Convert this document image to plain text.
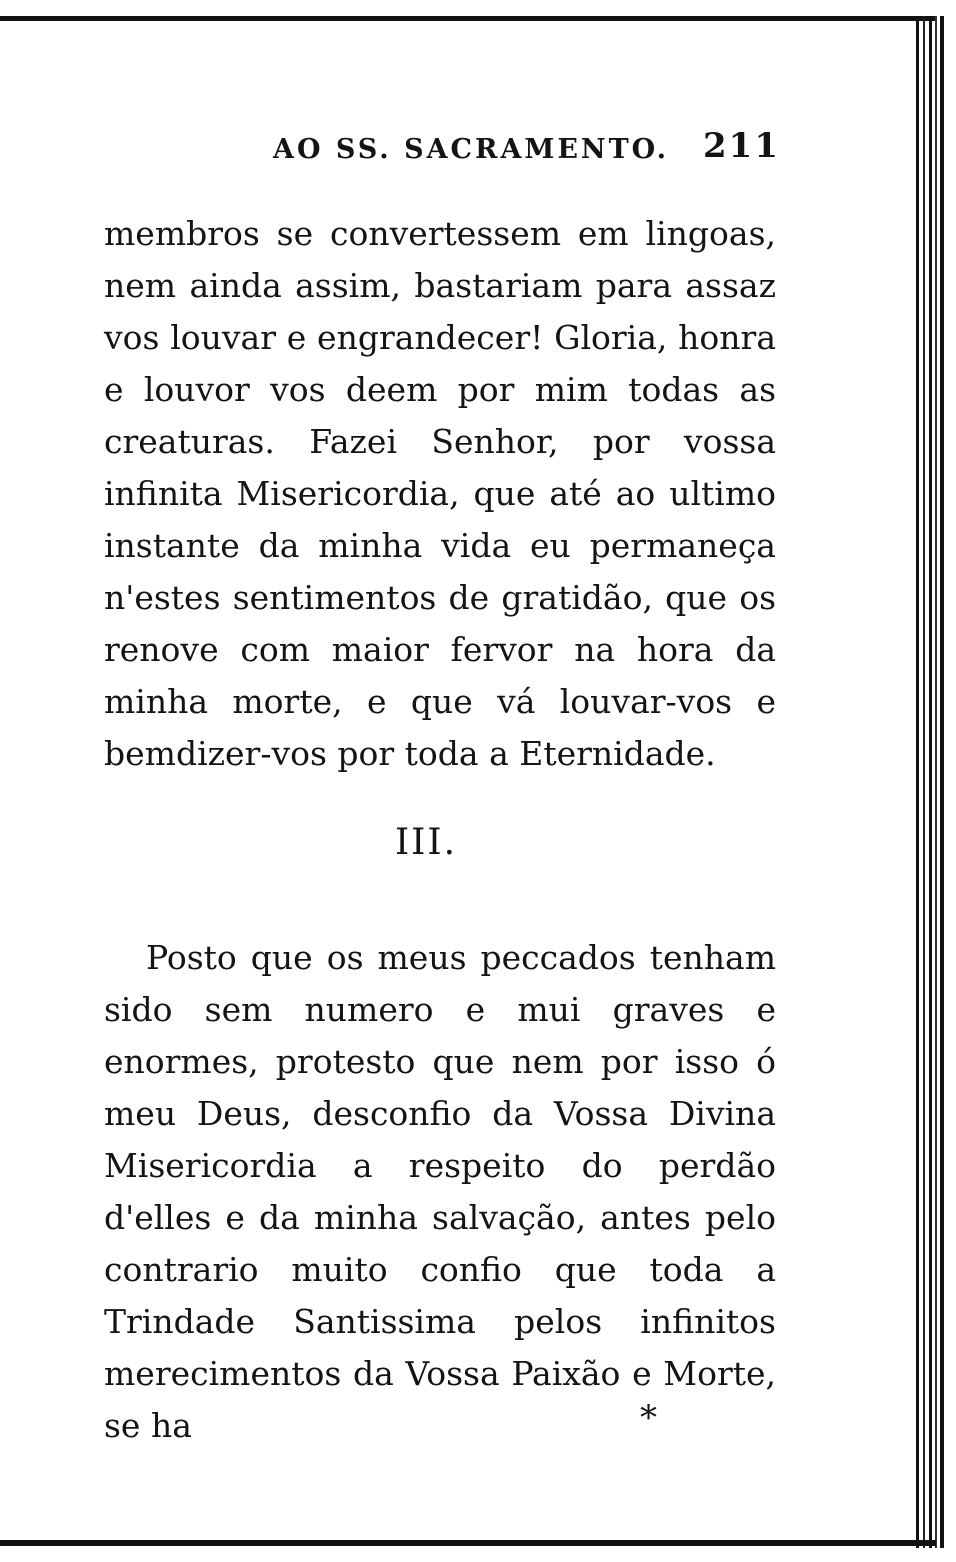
AO SS. SACRAMENTO. 211

membros se convertessem em lingoas, nem ainda assim, bastariam para assaz vos louvar e engrandecer! Gloria, honra e louvor vos deem por mim todas as creaturas. Fazei Senhor, por vossa infinita Misericordia, que até ao ultimo instante da minha vida eu permaneça n'estes sentimentos de gratidão, que os renove com maior fervor na hora da minha morte, e que vá louvar-vos e bemdizer-vos por toda a Eternidade.

III.

Posto que os meus peccados tenham sido sem numero e mui graves e enormes, protesto que nem por isso ó meu Deus, desconfio da Vossa Divina Misericordia a respeito do perdão d'elles e da minha salvação, antes pelo contrario muito confio que toda a Trindade Santissima pelos infinitos merecimentos da Vossa Paixão e Morte, se ha	*
